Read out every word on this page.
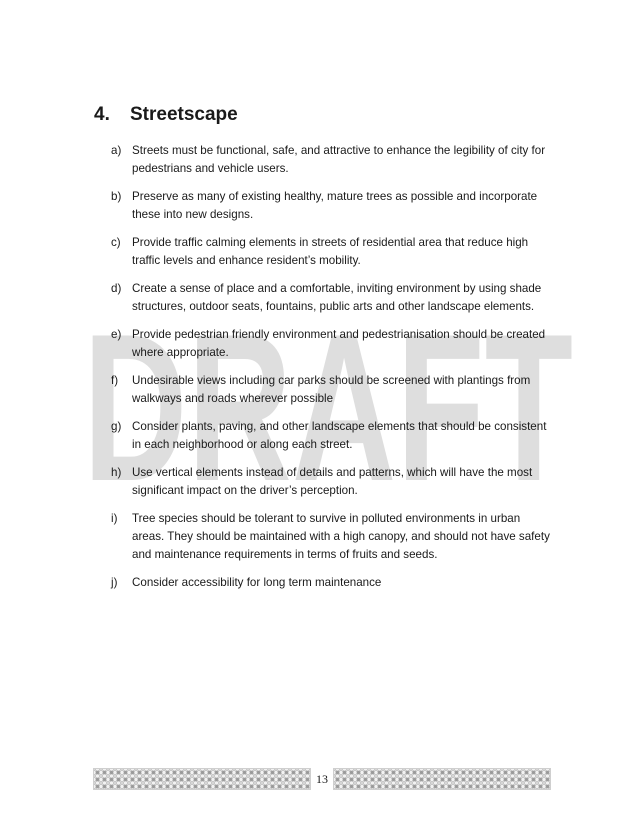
DRAFT
4.	Streetscape
a) Streets must be functional, safe, and attractive to enhance the legibility of city for pedestrians and vehicle users.
b) Preserve as many of existing healthy, mature trees as possible and incorporate these into new designs.
c) Provide traffic calming elements in streets of residential area that reduce high traffic levels and enhance resident’s mobility.
d) Create a sense of place and a comfortable, inviting environment by using shade structures, outdoor seats, fountains, public arts and other landscape elements.
e) Provide pedestrian friendly environment and pedestrianisation should be created where appropriate.
f) Undesirable views including car parks should be screened with plantings from walkways and roads wherever possible
g) Consider plants, paving, and other landscape elements that should be consistent in each neighborhood or along each street.
h) Use vertical elements instead of details and patterns, which will have the most significant impact on the driver’s perception.
i) Tree species should be tolerant to survive in polluted environments in urban areas. They should be maintained with a high canopy, and should not have safety and maintenance requirements in terms of fruits and seeds.
j) Consider accessibility for long term maintenance
13
